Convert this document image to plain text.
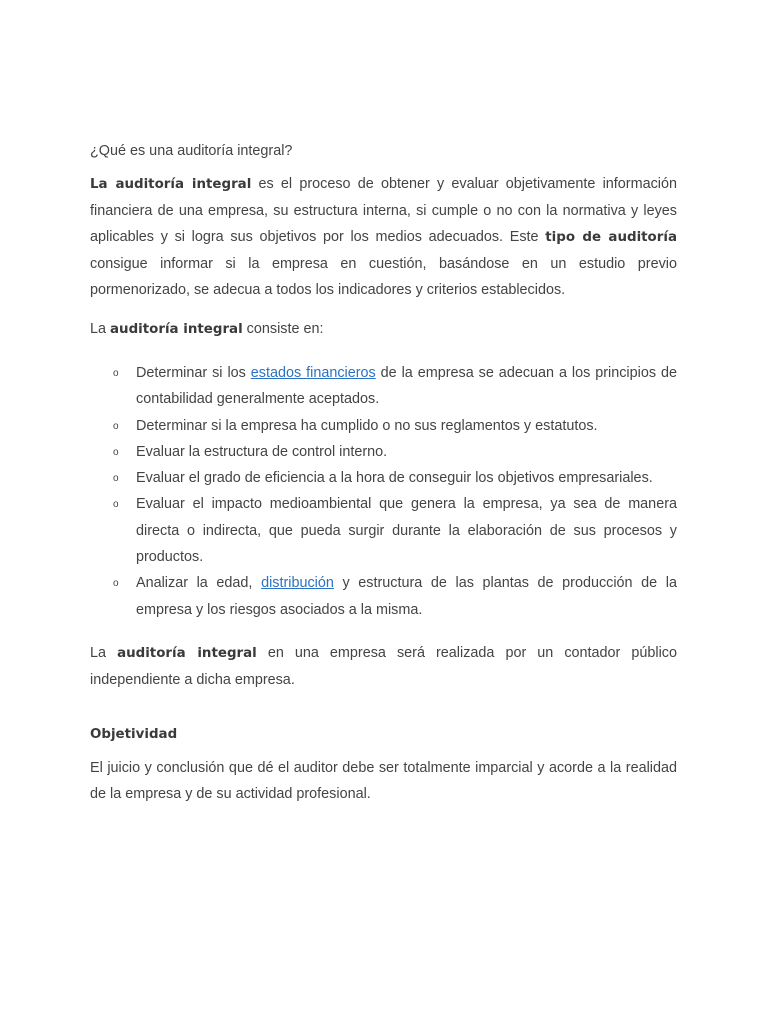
¿Qué es una auditoría integral?

La auditoría integral es el proceso de obtener y evaluar objetivamente información financiera de una empresa, su estructura interna, si cumple o no con la normativa y leyes aplicables y si logra sus objetivos por los medios adecuados. Este tipo de auditoría consigue informar si la empresa en cuestión, basándose en un estudio previo pormenorizado, se adecua a todos los indicadores y criterios establecidos.

La auditoría integral consiste en:

o Determinar si los estados financieros de la empresa se adecuan a los principios de contabilidad generalmente aceptados.
o Determinar si la empresa ha cumplido o no sus reglamentos y estatutos.
o Evaluar la estructura de control interno.
o Evaluar el grado de eficiencia a la hora de conseguir los objetivos empresariales.
o Evaluar el impacto medioambiental que genera la empresa, ya sea de manera directa o indirecta, que pueda surgir durante la elaboración de sus procesos y productos.
o Analizar la edad, distribución y estructura de las plantas de producción de la empresa y los riesgos asociados a la misma.

La auditoría integral en una empresa será realizada por un contador público independiente a dicha empresa.

Objetividad

El juicio y conclusión que dé el auditor debe ser totalmente imparcial y acorde a la realidad de la empresa y de su actividad profesional.
